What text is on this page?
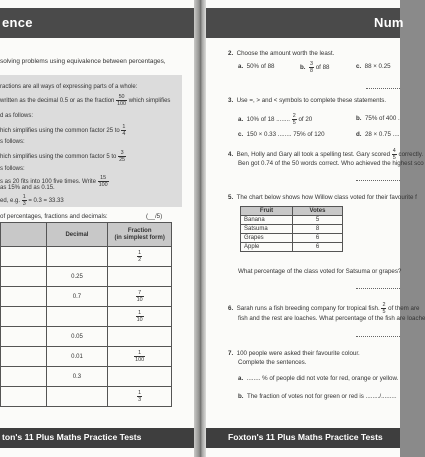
ence
solving problems using equivalence between percentages,
ractions are all ways of expressing parts of a whole:
written as the decimal 0.5 or as the fraction $\frac{50}{100}$ which simplifies
d as follows:
hich simplifies using the common factor 25 to $\frac{1}{4}$
s follows:
hich simplifies using the common factor 5 to $\frac{3}{25}$
s follows:
s as 20 fits into 100 five times. Write $\frac{15}{100}$
as 15% and as 0.15.
ed, e.g. $\frac{1}{3} = 0.3 = 33.33$
of percentages, fractions and decimals:	(__/5)
	Decimal	Fraction
(in simplest form)

		$\frac{1}{2}$

	0.25	
	0.7	$\frac{7}{10}$

		$\frac{1}{10}$

	0.05	
	0.01	$\frac{1}{100}$

	0.3	

		$\frac{1}{3}$
ton's 11 Plus Maths Practice Tests
Num
2. Choose the amount worth the least.
a. 50% of 88	b. $\frac{3}{8}$ of 88	c. 88 × 0.25
3. Use =, > and < symbols to complete these statements.
a. 10% of 18 ........ $\frac{2}{5}$ of 20	b. 75% of 400 .
c. 150 × 0.33 ........ 75% of 120	d. 28 × 0.75 ....
4. Ben, Holly and Gary all took a spelling test. Gary scored $\frac{4}{5}$ correctly.
Ben got 0.74 of the 50 words correct. Who achieved the highest sco
5. The chart below shows how Willow class voted for their favourite f
Fruit	Votes
Banana	5
Satsuma	8
Grapes	6
Apple	6
What percentage of the class voted for Satsuma or grapes?
6. Sarah runs a fish breeding company for tropical fish. $\frac{2}{5}$ of them are
fish and the rest are loaches. What percentage of the fish are loache
7. 100 people were asked their favourite colour.
Complete the sentences.
a. ........ % of people did not vote for red, orange or yellow.
b. The fraction of votes not for green or red is ......../.........
Foxton's 11 Plus Maths Practice Tests
